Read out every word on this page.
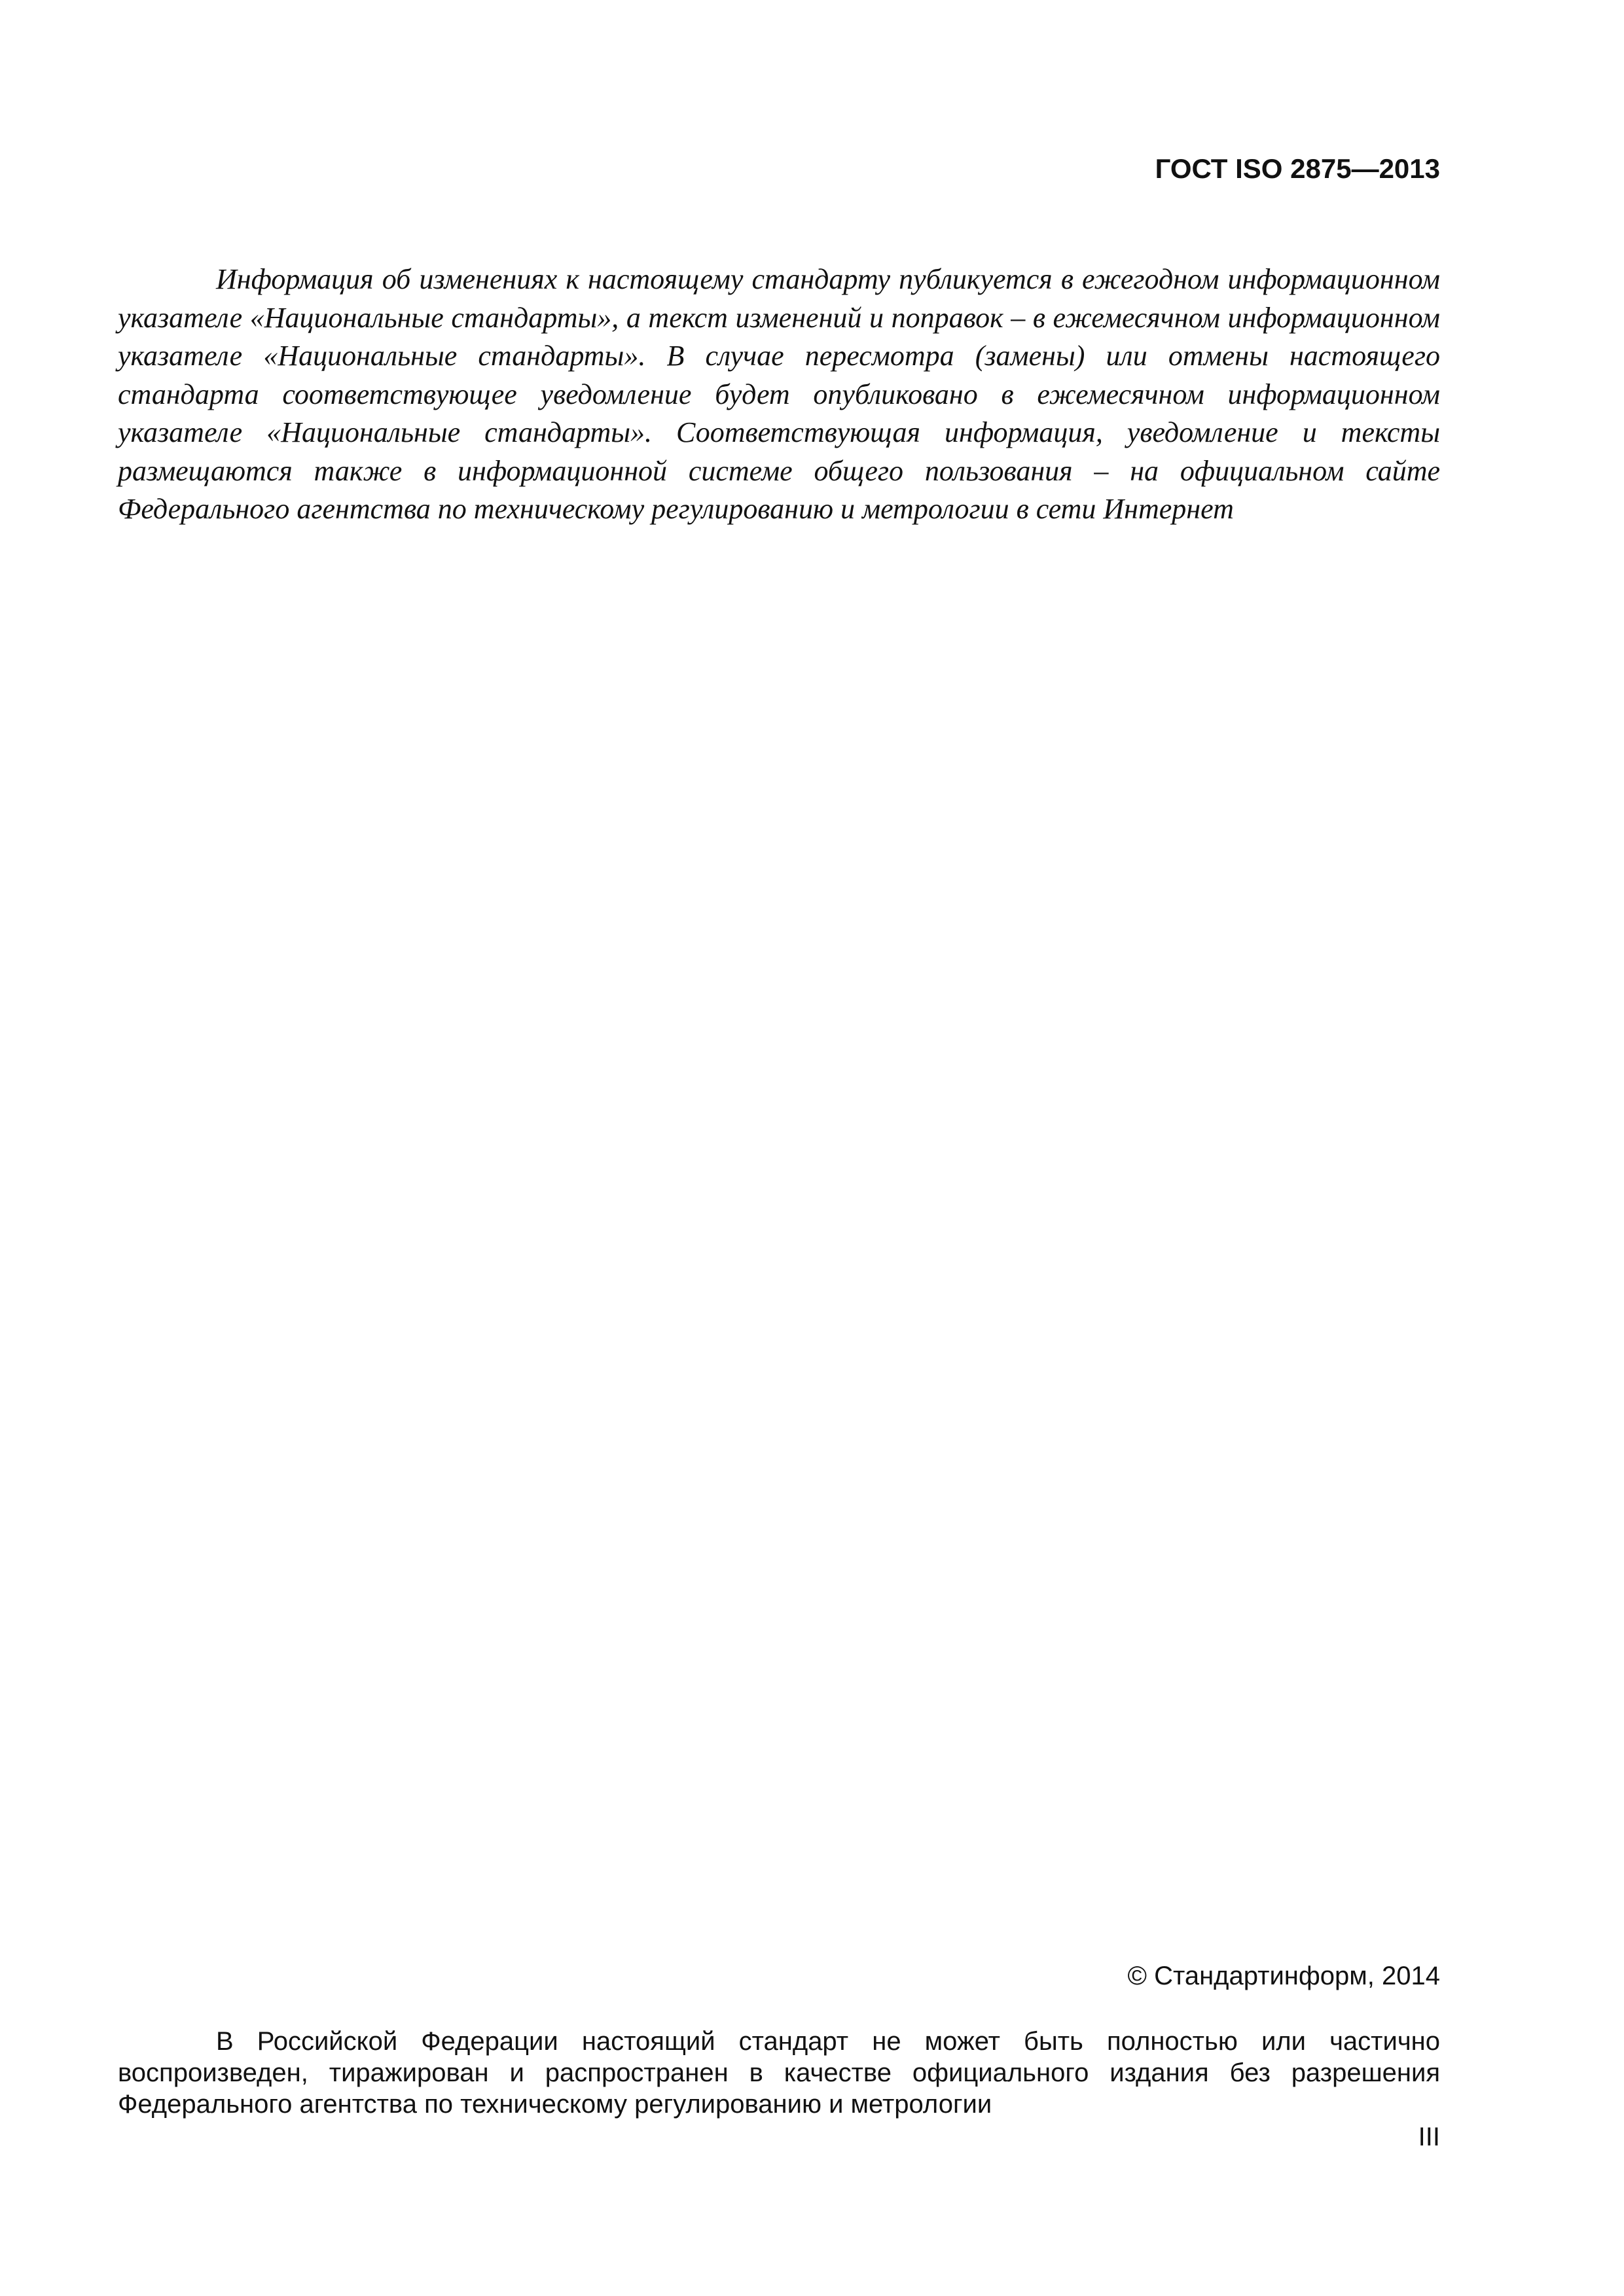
ГОСТ ISO 2875—2013

Информация об изменениях к настоящему стандарту публикуется в ежегодном информационном указателе «Национальные стандарты», а текст изменений и поправок – в ежемесячном информационном указателе «Национальные стандарты». В случае пересмотра (замены) или отмены настоящего стандарта соответствующее уведомление будет опубликовано в ежемесячном информационном указателе «Национальные стандарты». Соответствующая информация, уведомление и тексты размещаются также в информационной системе общего пользования – на официальном сайте Федерального агентства по техническому регулированию и метрологии в сети Интернет

© Стандартинформ, 2014

В Российской Федерации настоящий стандарт не может быть полностью или частично воспроизведен, тиражирован и распространен в качестве официального издания без разрешения Федерального агентства по техническому регулированию и метрологии

III
